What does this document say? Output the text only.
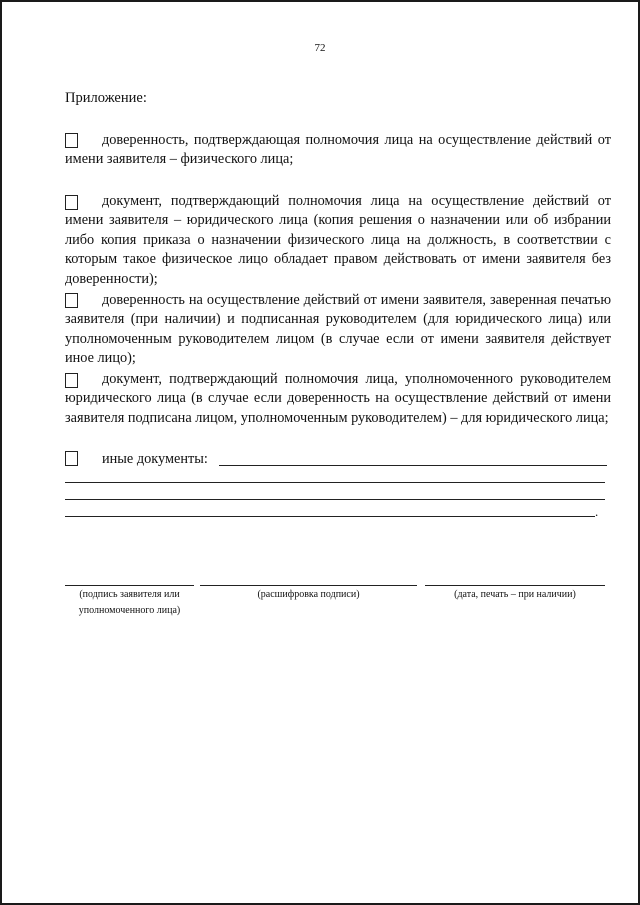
72
Приложение:
доверенность, подтверждающая полномочия лица на осуществление действий от имени заявителя – физического лица;
документ, подтверждающий полномочия лица на осуществление действий от имени заявителя – юридического лица (копия решения о назначении или об избрании либо копия приказа о назначении физического лица на должность, в соответствии с которым такое физическое лицо обладает правом действовать от имени заявителя без доверенности);
доверенность на осуществление действий от имени заявителя, заверенная печатью заявителя (при наличии) и подписанная руководителем (для юридического лица) или уполномоченным руководителем лицом (в случае если от имени заявителя действует иное лицо);
документ, подтверждающий полномочия лица, уполномоченного руководителем юридического лица (в случае если доверенность на осуществление действий от имени заявителя подписана лицом, уполномоченным руководителем) – для юридического лица;
иные документы:
.
(подпись заявителя или уполномоченного лица)
(расшифровка подписи)	(дата, печать – при наличии)
